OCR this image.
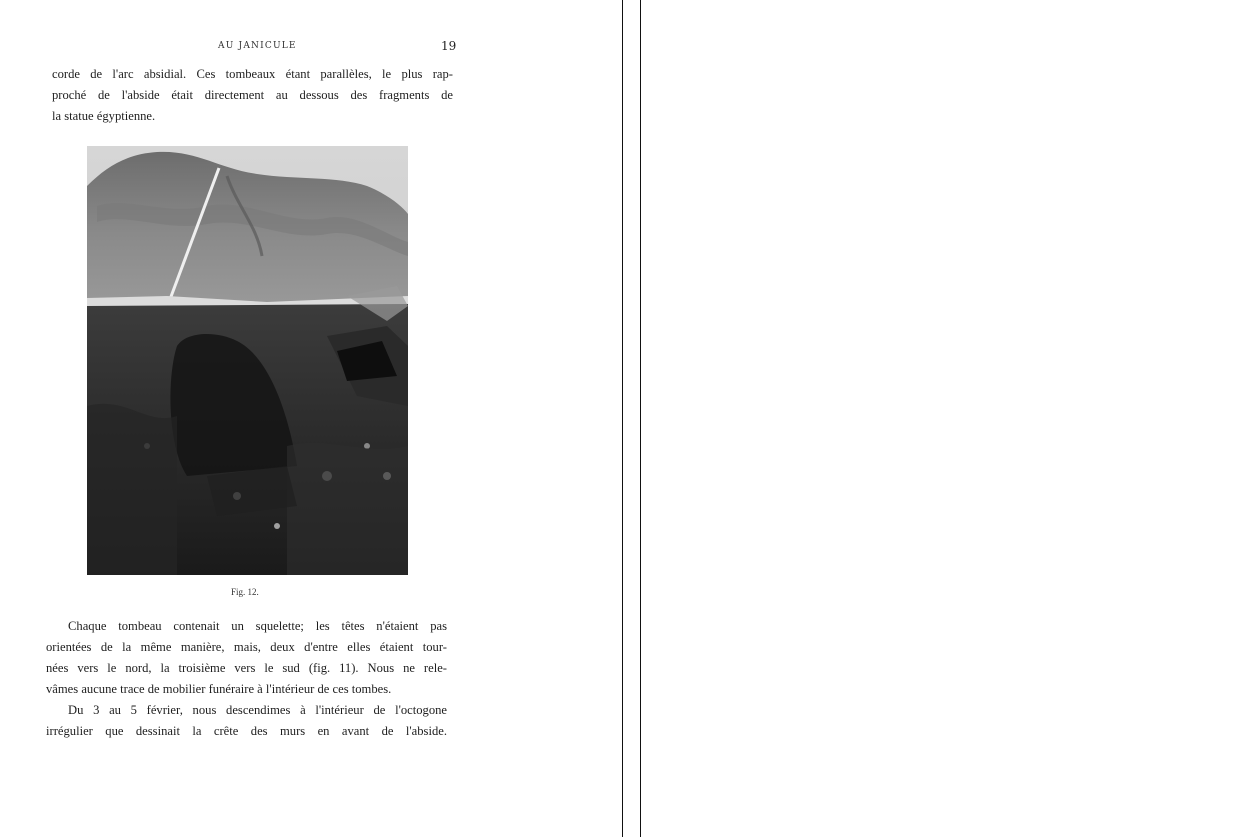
AU JANICULE	19
corde de l'arc absidial. Ces tombeaux étant parallèles, le plus rap-
proché de l'abside était directement au dessous des fragments de
la statue égyptienne.
Fig. 12.
Chaque tombeau contenait un squelette; les têtes n'étaient pas
orientées de la même manière, mais, deux d'entre elles étaient tour-
nées vers le nord, la troisième vers le sud (fig. 11). Nous ne rele-
vâmes aucune trace de mobilier funéraire à l'intérieur de ces tombes.
Du 3 au 5 février, nous descendimes à l'intérieur de l'octogone
irrégulier que dessinait la crête des murs en avant de l'abside.
